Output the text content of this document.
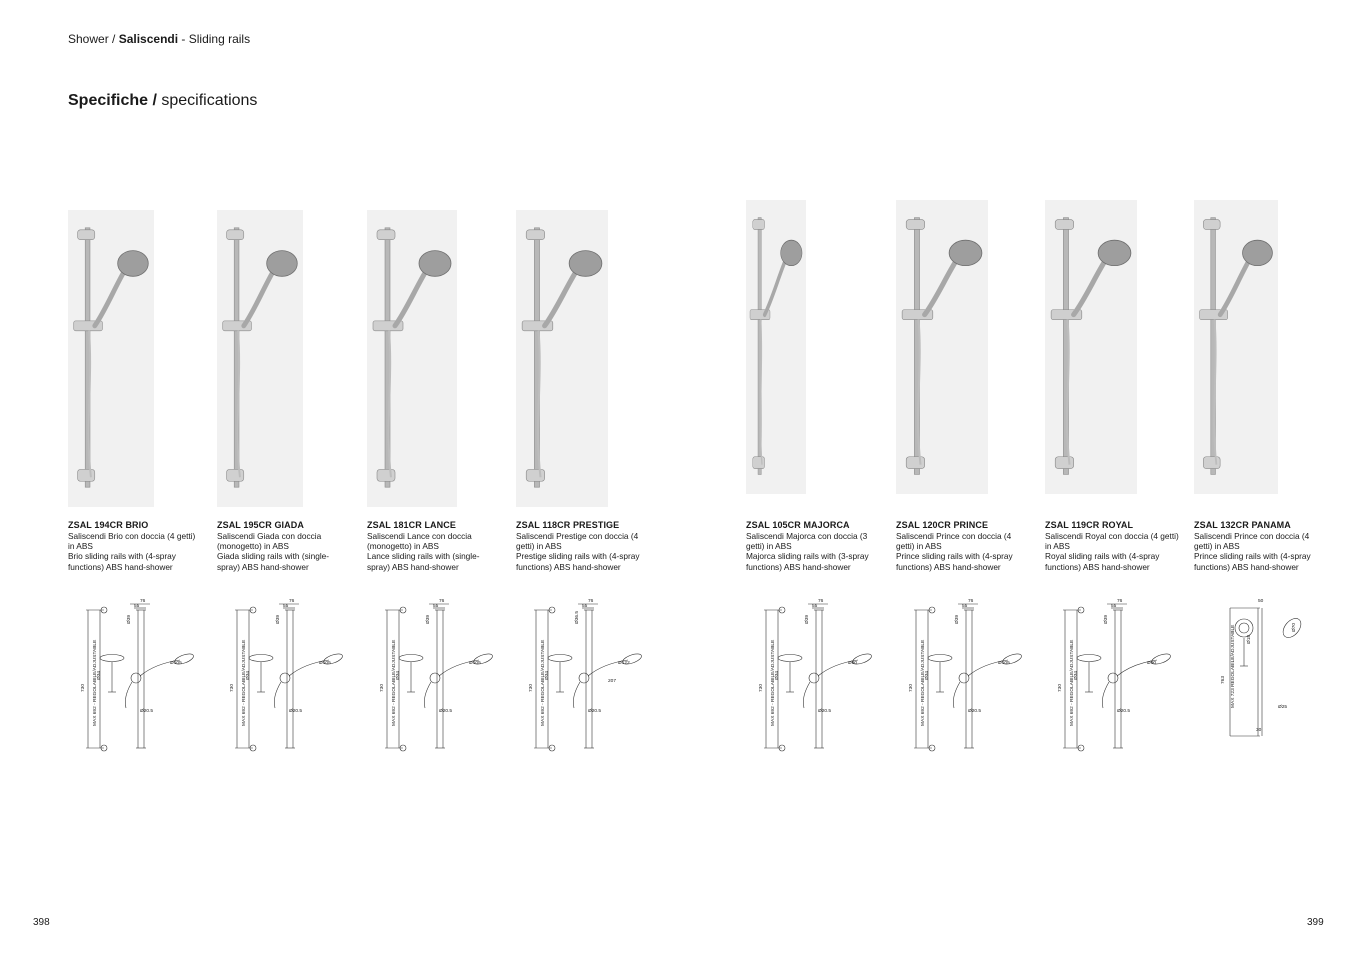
Shower / Saliscendi - Sliding rails
Specifiche / specifications
ZSAL 194CR BRIO
Saliscendi Brio con doccia (4 getti) in ABS
Brio sliding rails with (4-spray functions) ABS hand-shower
76
55
Ø39
730 MAX 692 - REGOLABILE/ADJUSTABLE Ø34
Ø105
Ø20.5
ZSAL 195CR GIADA
Saliscendi Giada con doccia (monogetto) in ABS
Giada sliding rails with (single-spray) ABS hand-shower
76
55
Ø39
730 MAX 692 - REGOLABILE/ADJUSTABLE Ø34
Ø105
Ø20.5
ZSAL 181CR LANCE
Saliscendi Lance con doccia (monogetto) in ABS
Lance sliding rails with (single-spray) ABS hand-shower
76
55
Ø39
730 MAX 692 - REGOLABILE/ADJUSTABLE Ø34
Ø105
Ø20.5
ZSAL 118CR PRESTIGE
Saliscendi Prestige con doccia (4 getti) in ABS
Prestige sliding rails with (4-spray functions) ABS hand-shower
76
55
Ø36.5
730 MAX 692 - REGOLABILE/ADJUSTABLE Ø34
Ø122
Ø20.5
207
ZSAL 105CR MAJORCA
Saliscendi Majorca con doccia (3 getti) in ABS
Majorca sliding rails with (3-spray functions) ABS hand-shower
76
55
Ø39
730 MAX 692 - REGOLABILE/ADJUSTABLE Ø34
Ø80
Ø20.5
ZSAL 120CR PRINCE
Saliscendi Prince con doccia (4 getti) in ABS
Prince sliding rails with (4-spray functions) ABS hand-shower
76
55
Ø39
730 MAX 692 - REGOLABILE/ADJUSTABLE Ø34
Ø105
Ø20.5
ZSAL 119CR ROYAL
Saliscendi Royal con doccia (4 getti) in ABS
Royal sliding rails with (4-spray functions) ABS hand-shower
76
55
Ø39
730 MAX 692 - REGOLABILE/ADJUSTABLE Ø34
Ø90
Ø20.5
ZSAL 132CR PANAMA
Saliscendi Prince con doccia (4 getti) in ABS
Prince sliding rails with (4-spray functions) ABS hand-shower
50
Ø18
Ø70
763 MAX 723 REGOLABILE/ADJUSTABLE	Ø25
30
398	399
